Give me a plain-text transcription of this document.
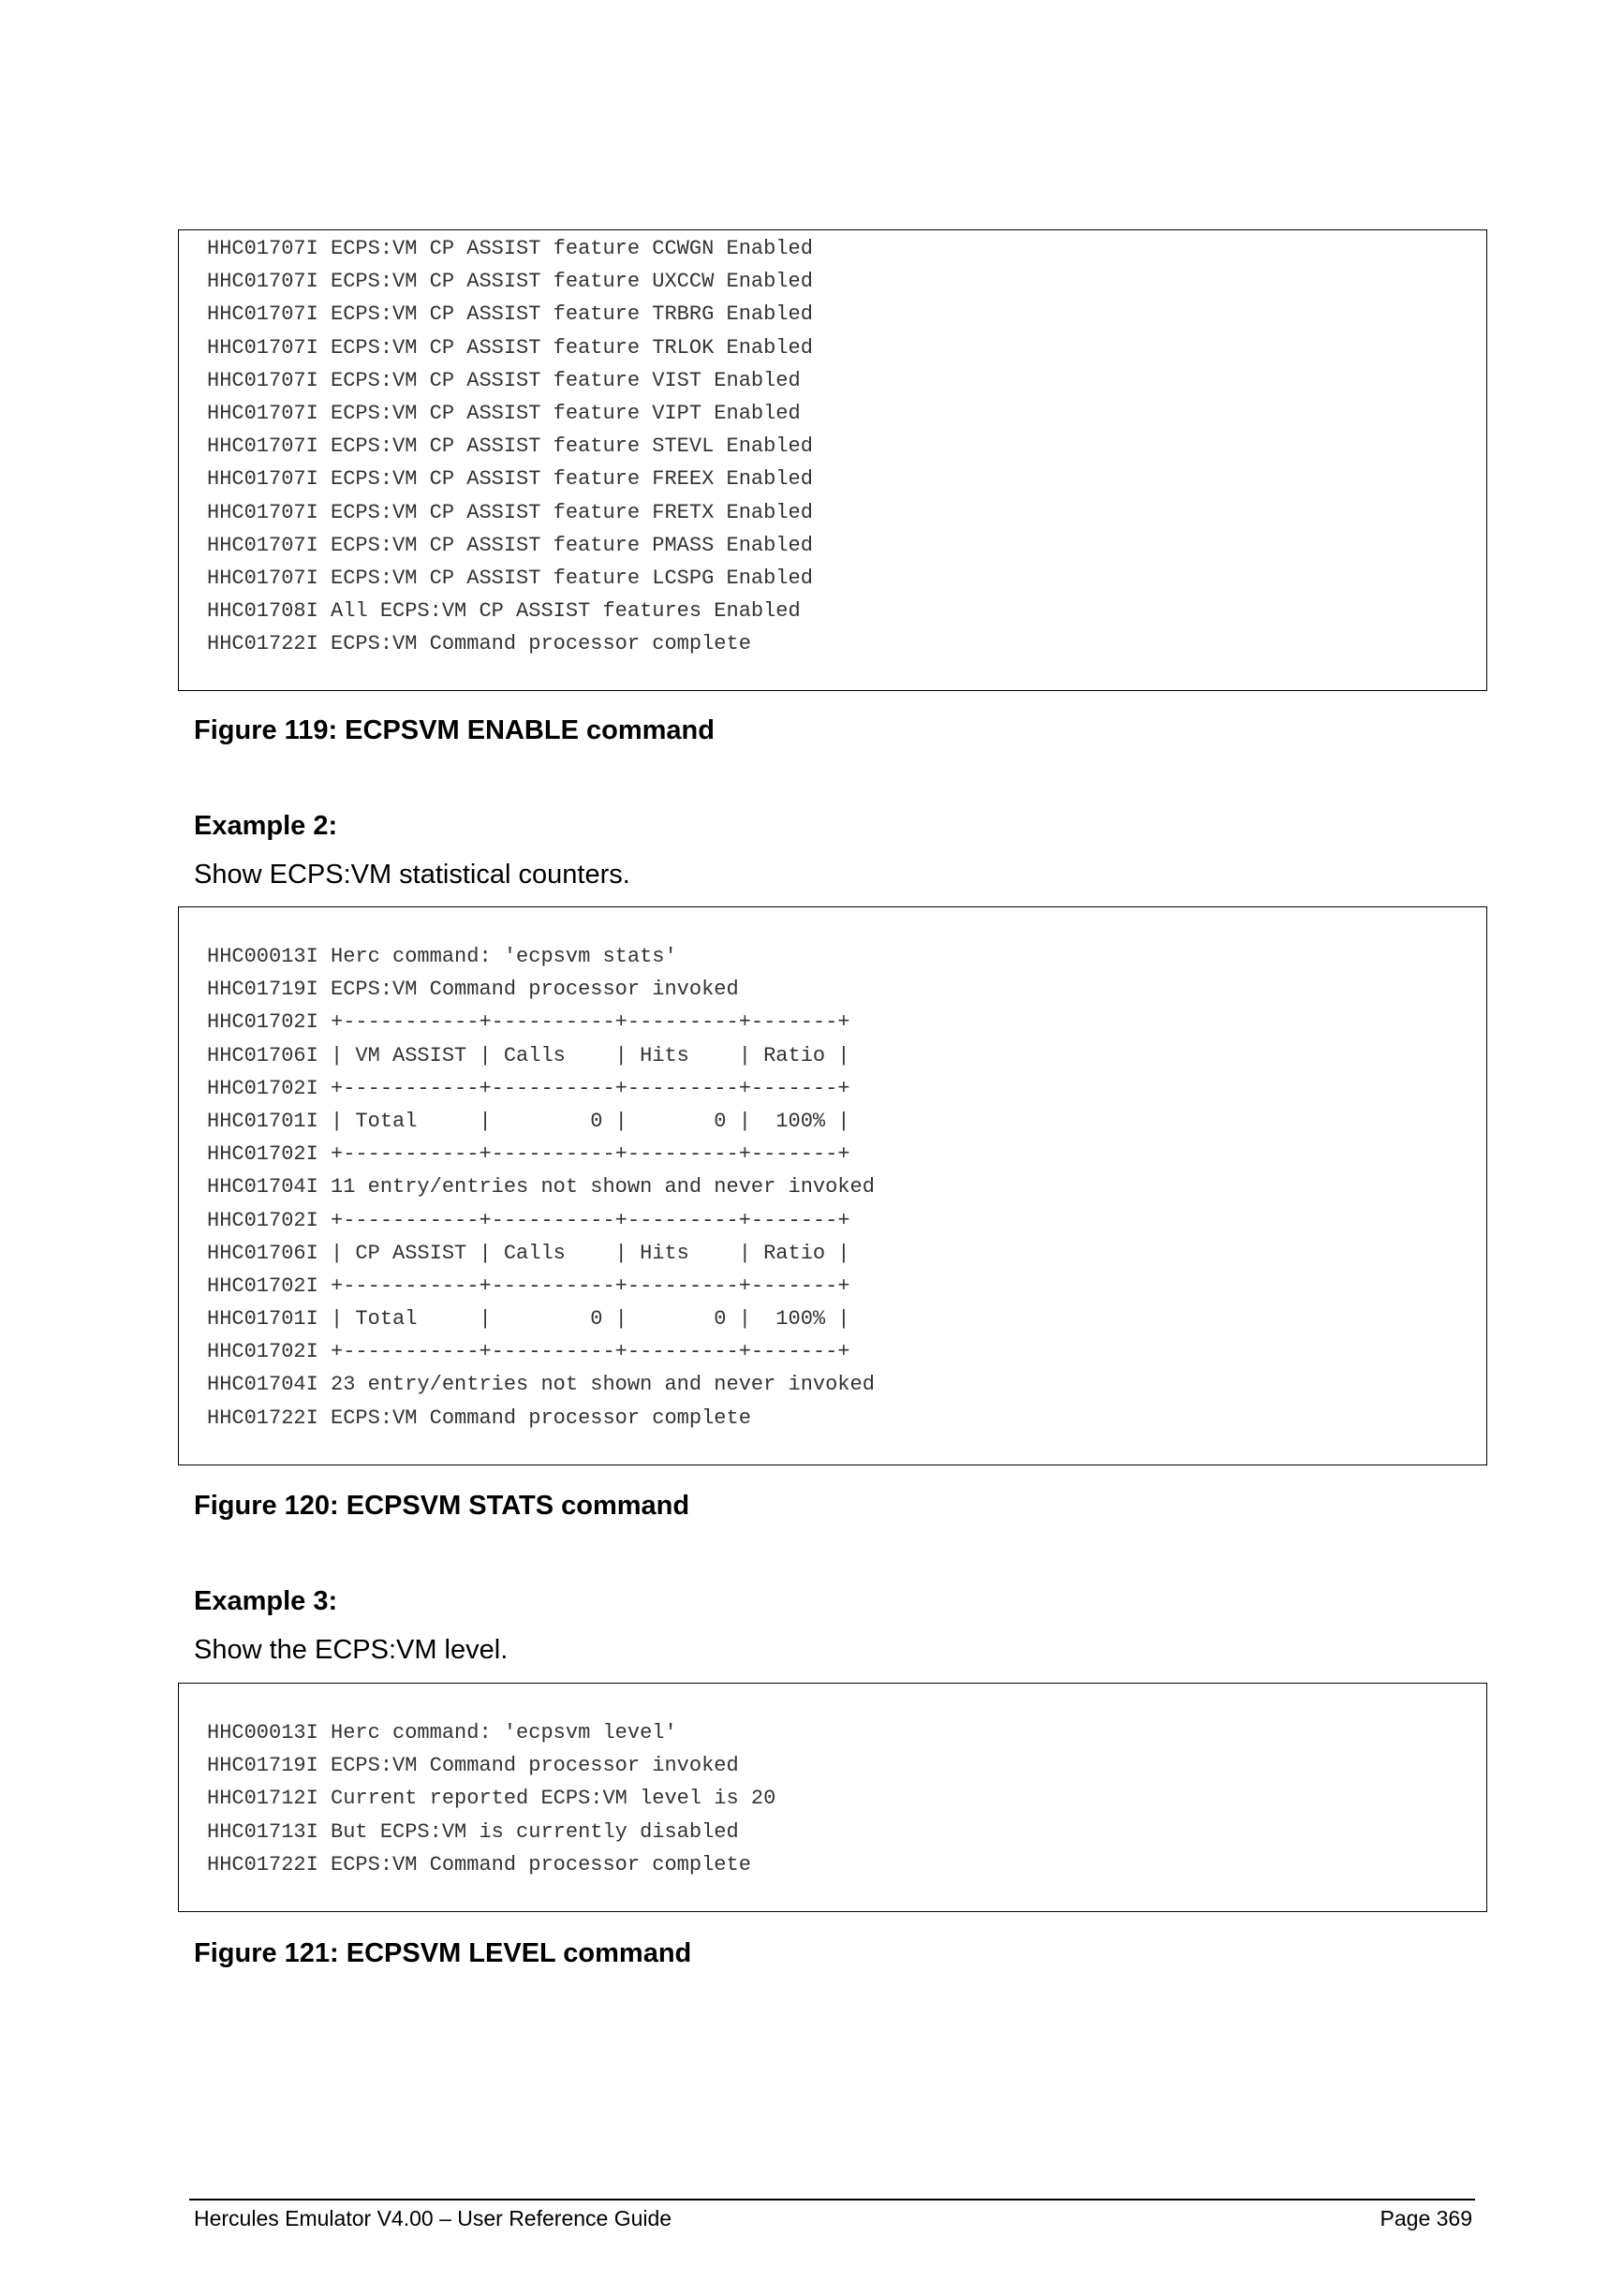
HHC01707I ECPS:VM CP ASSIST feature CCWGN Enabled
HHC01707I ECPS:VM CP ASSIST feature UXCCW Enabled
HHC01707I ECPS:VM CP ASSIST feature TRBRG Enabled
HHC01707I ECPS:VM CP ASSIST feature TRLOK Enabled
HHC01707I ECPS:VM CP ASSIST feature VIST Enabled
HHC01707I ECPS:VM CP ASSIST feature VIPT Enabled
HHC01707I ECPS:VM CP ASSIST feature STEVL Enabled
HHC01707I ECPS:VM CP ASSIST feature FREEX Enabled
HHC01707I ECPS:VM CP ASSIST feature FRETX Enabled
HHC01707I ECPS:VM CP ASSIST feature PMASS Enabled
HHC01707I ECPS:VM CP ASSIST feature LCSPG Enabled
HHC01708I All ECPS:VM CP ASSIST features Enabled
HHC01722I ECPS:VM Command processor complete

Figure 119: ECPSVM ENABLE command

Example 2:

Show ECPS:VM statistical counters.

HHC00013I Herc command: 'ecpsvm stats'
HHC01719I ECPS:VM Command processor invoked
HHC01702I +-----------+----------+---------+-------+
HHC01706I | VM ASSIST | Calls    | Hits    | Ratio |
HHC01702I +-----------+----------+---------+-------+
HHC01701I | Total     |        0 |       0 |  100% |
HHC01702I +-----------+----------+---------+-------+
HHC01704I 11 entry/entries not shown and never invoked
HHC01702I +-----------+----------+---------+-------+
HHC01706I | CP ASSIST | Calls    | Hits    | Ratio |
HHC01702I +-----------+----------+---------+-------+
HHC01701I | Total     |        0 |       0 |  100% |
HHC01702I +-----------+----------+---------+-------+
HHC01704I 23 entry/entries not shown and never invoked
HHC01722I ECPS:VM Command processor complete

Figure 120: ECPSVM STATS command

Example 3:

Show the ECPS:VM level.

HHC00013I Herc command: 'ecpsvm level'
HHC01719I ECPS:VM Command processor invoked
HHC01712I Current reported ECPS:VM level is 20
HHC01713I But ECPS:VM is currently disabled
HHC01722I ECPS:VM Command processor complete

Figure 121: ECPSVM LEVEL command

Hercules Emulator V4.00 – User Reference Guide	Page 369
